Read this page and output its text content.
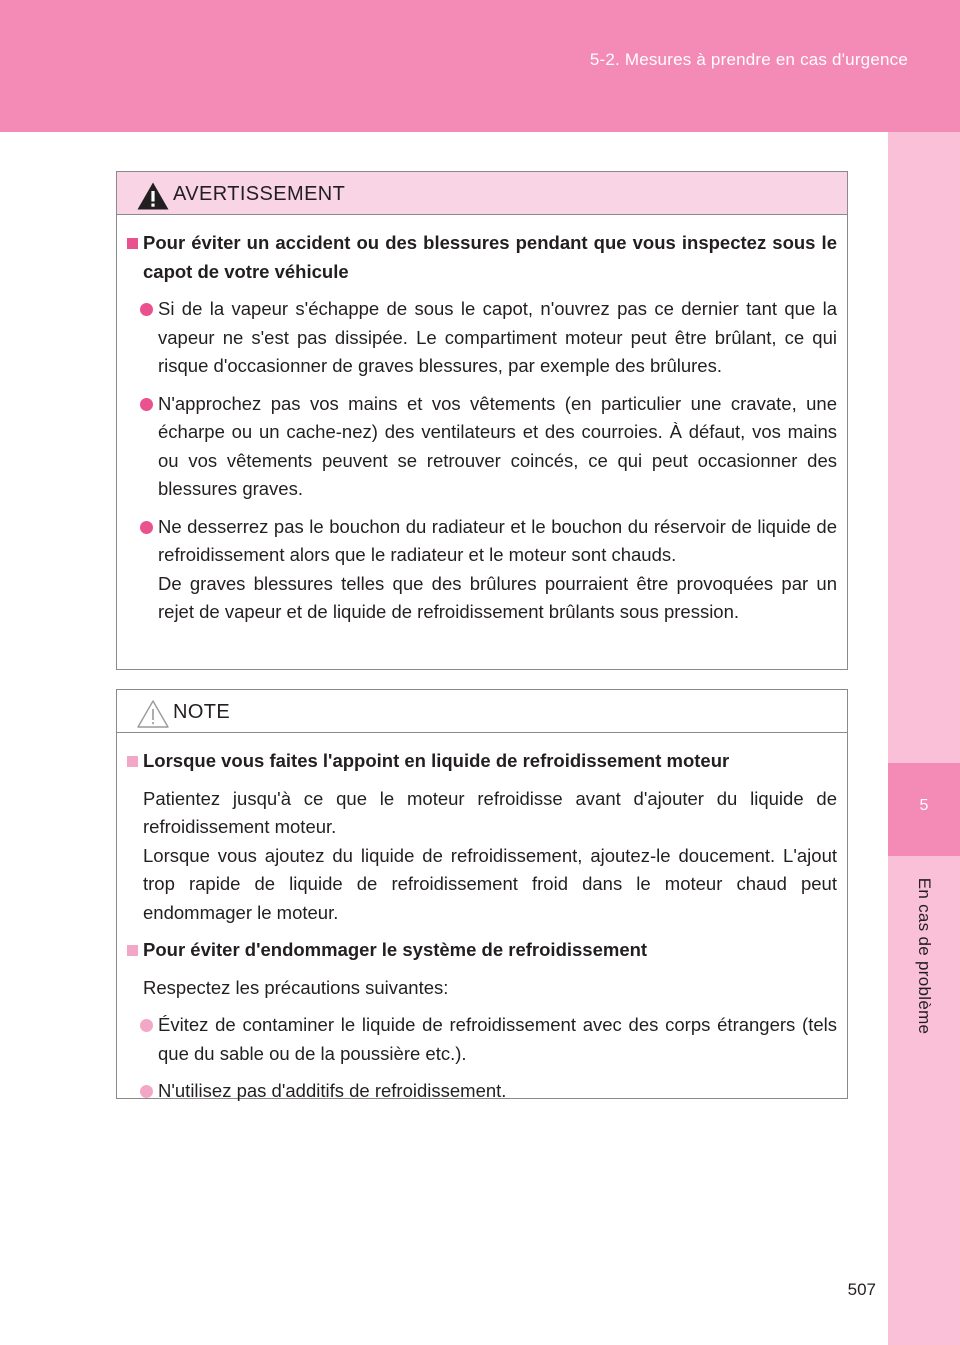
5-2. Mesures à prendre en cas d'urgence
5
En cas de problème
AVERTISSEMENT
Pour éviter un accident ou des blessures pendant que vous inspectez sous le capot de votre véhicule
Si de la vapeur s'échappe de sous le capot, n'ouvrez pas ce dernier tant que la vapeur ne s'est pas dissipée. Le compartiment moteur peut être brûlant, ce qui risque d'occasionner de graves blessures, par exemple des brûlures.
N'approchez pas vos mains et vos vêtements (en particulier une cravate, une écharpe ou un cache-nez) des ventilateurs et des courroies. À défaut, vos mains ou vos vêtements peuvent se retrouver coincés, ce qui peut occasionner des blessures graves.
Ne desserrez pas le bouchon du radiateur et le bouchon du réservoir de liquide de refroidissement alors que le radiateur et le moteur sont chauds.
De graves blessures telles que des brûlures pourraient être provoquées par un rejet de vapeur et de liquide de refroidissement brûlants sous pression.
NOTE
Lorsque vous faites l'appoint en liquide de refroidissement moteur
Patientez jusqu'à ce que le moteur refroidisse avant d'ajouter du liquide de refroidissement moteur.
Lorsque vous ajoutez du liquide de refroidissement, ajoutez-le doucement. L'ajout trop rapide de liquide de refroidissement froid dans le moteur chaud peut endommager le moteur.
Pour éviter d'endommager le système de refroidissement
Respectez les précautions suivantes:
Évitez de contaminer le liquide de refroidissement avec des corps étrangers (tels que du sable ou de la poussière etc.).
N'utilisez pas d'additifs de refroidissement.
507
